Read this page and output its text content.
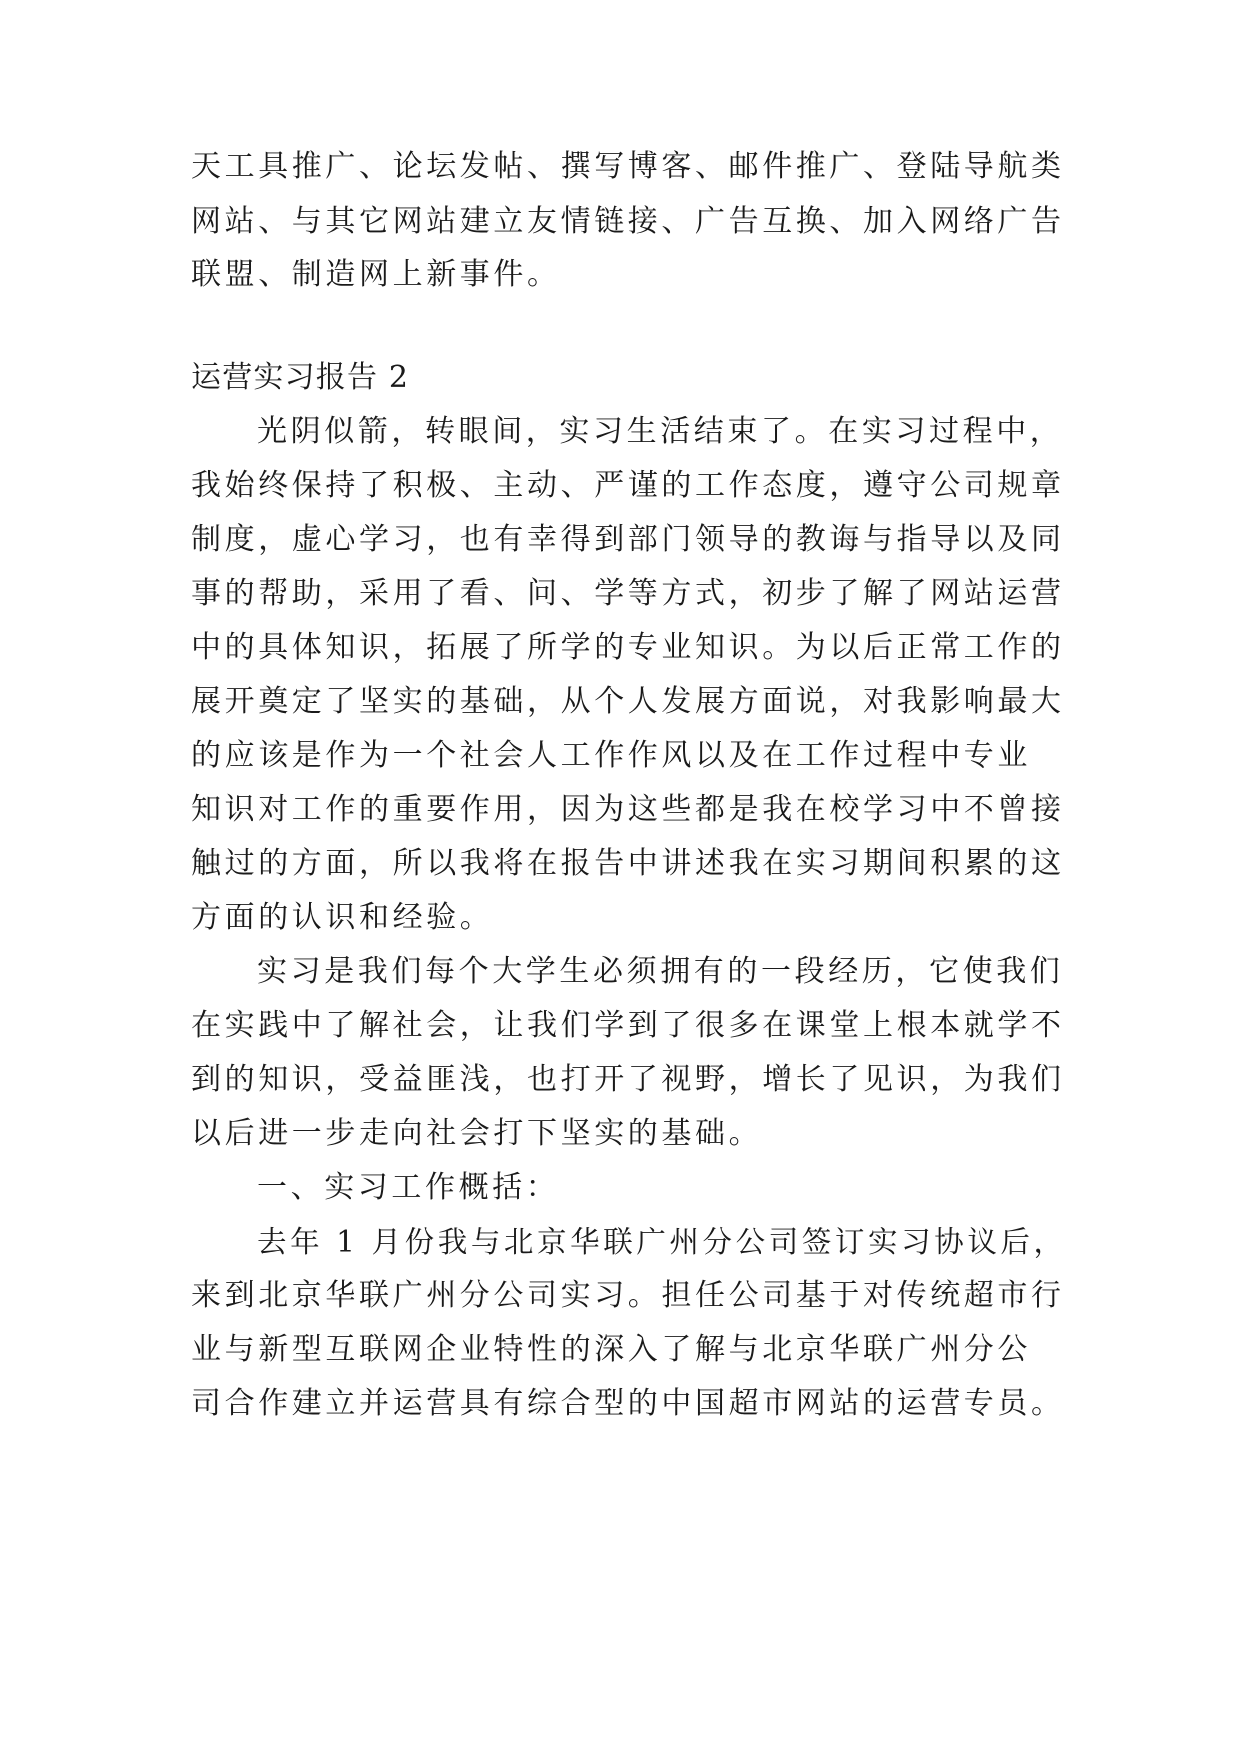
天工具推广、论坛发帖、撰写博客、邮件推广、登陆导航类
网站、与其它网站建立友情链接、广告互换、加入网络广告
联盟、制造网上新事件。
运营实习报告 2
光阴似箭，转眼间，实习生活结束了。在实习过程中，
我始终保持了积极、主动、严谨的工作态度，遵守公司规章
制度，虚心学习，也有幸得到部门领导的教诲与指导以及同
事的帮助，采用了看、问、学等方式，初步了解了网站运营
中的具体知识，拓展了所学的专业知识。为以后正常工作的
展开奠定了坚实的基础，从个人发展方面说，对我影响最大
的应该是作为一个社会人工作作风以及在工作过程中专业
知识对工作的重要作用，因为这些都是我在校学习中不曾接
触过的方面，所以我将在报告中讲述我在实习期间积累的这
方面的认识和经验。
实习是我们每个大学生必须拥有的一段经历，它使我们
在实践中了解社会，让我们学到了很多在课堂上根本就学不
到的知识，受益匪浅，也打开了视野，增长了见识，为我们
以后进一步走向社会打下坚实的基础。
一、实习工作概括：
去年 1 月份我与北京华联广州分公司签订实习协议后，
来到北京华联广州分公司实习。担任公司基于对传统超市行
业与新型互联网企业特性的深入了解与北京华联广州分公
司合作建立并运营具有综合型的中国超市网站的运营专员。
